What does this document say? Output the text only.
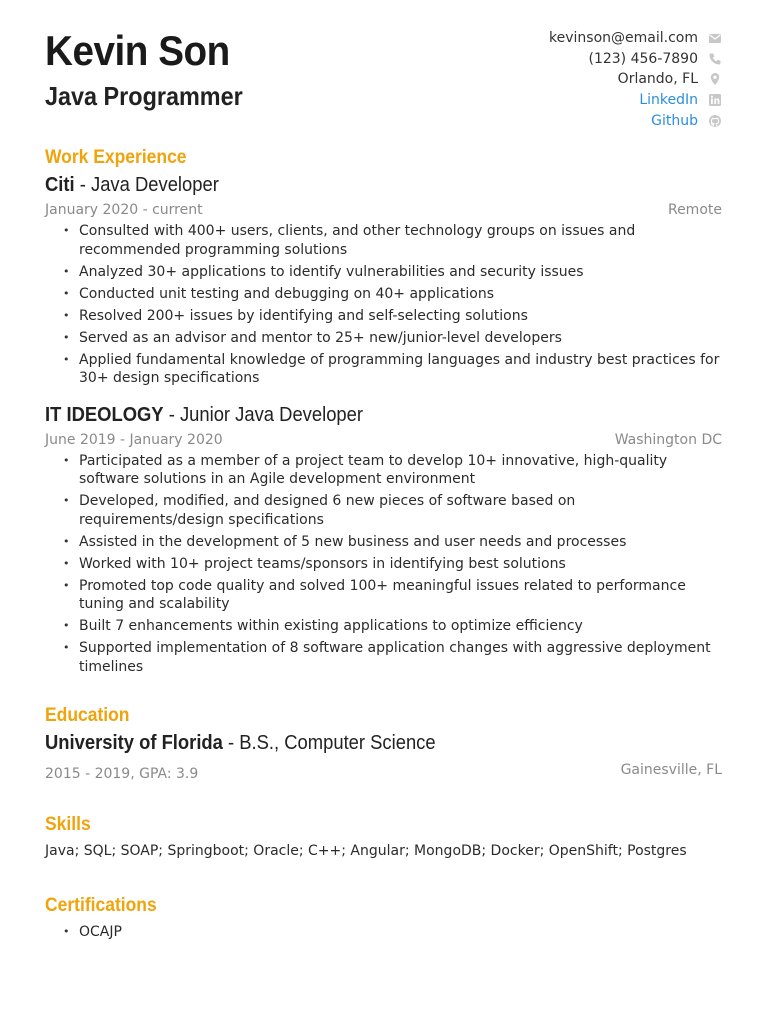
Kevin Son
Java Programmer
kevinson@email.com
(123) 456-7890
Orlando, FL
LinkedIn
Github
Work Experience
Citi - Java Developer
January 2020 - current	Remote
• Consulted with 400+ users, clients, and other technology groups on issues and recommended programming solutions
• Analyzed 30+ applications to identify vulnerabilities and security issues
• Conducted unit testing and debugging on 40+ applications
• Resolved 200+ issues by identifying and self-selecting solutions
• Served as an advisor and mentor to 25+ new/junior-level developers
• Applied fundamental knowledge of programming languages and industry best practices for 30+ design specifications
IT IDEOLOGY - Junior Java Developer
June 2019 - January 2020	Washington DC
• Participated as a member of a project team to develop 10+ innovative, high-quality software solutions in an Agile development environment
• Developed, modified, and designed 6 new pieces of software based on requirements/design specifications
• Assisted in the development of 5 new business and user needs and processes
• Worked with 10+ project teams/sponsors in identifying best solutions
• Promoted top code quality and solved 100+ meaningful issues related to performance tuning and scalability
• Built 7 enhancements within existing applications to optimize efficiency
• Supported implementation of 8 software application changes with aggressive deployment timelines
Education
University of Florida - B.S., Computer Science
2015 - 2019, GPA: 3.9	Gainesville, FL
Skills
Java; SQL; SOAP; Springboot; Oracle; C++; Angular; MongoDB; Docker; OpenShift; Postgres
Certifications
• OCAJP
